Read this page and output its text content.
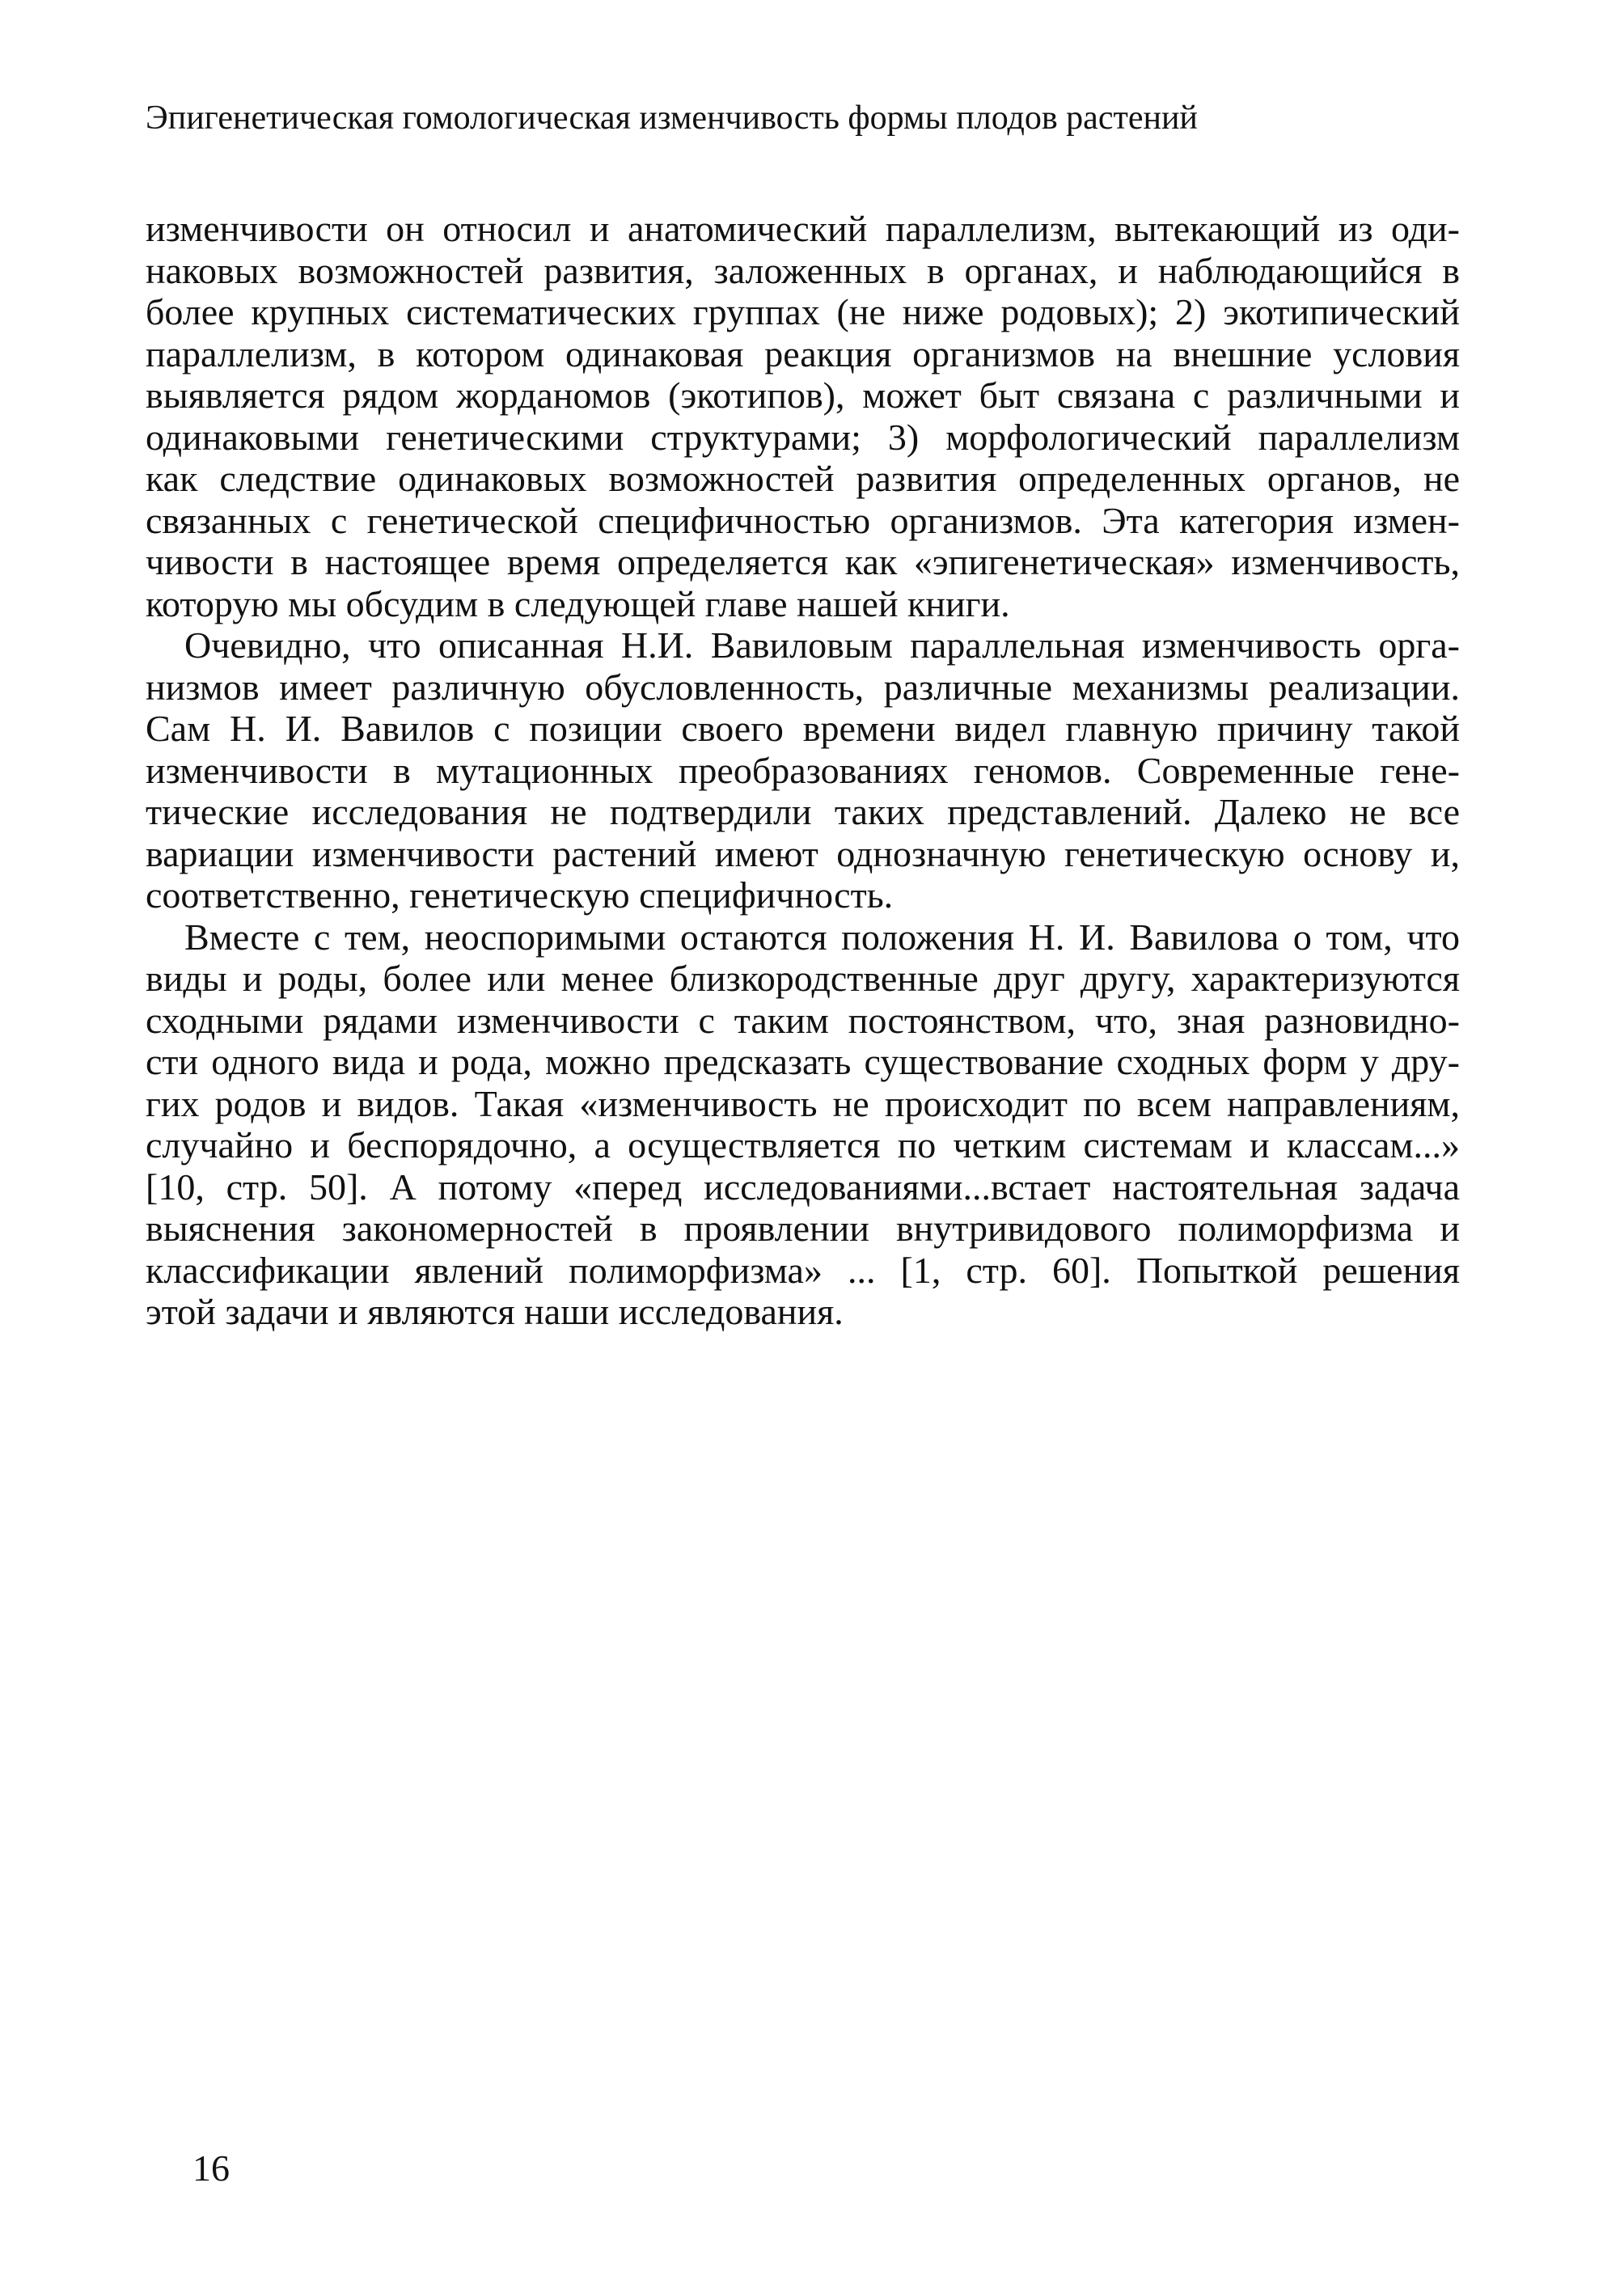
Эпигенетическая гомологическая изменчивость формы плодов растений
изменчивости он относил и анатомический параллелизм, вытекающий из оди-
наковых возможностей развития, заложенных в органах, и наблюдающийся в
более крупных систематических группах (не ниже родовых); 2) экотипический
параллелизм, в котором одинаковая реакция организмов на внешние условия
выявляется рядом жорданомов (экотипов), может быт связана с различными и
одинаковыми генетическими структурами; 3) морфологический параллелизм
как следствие одинаковых возможностей развития определенных органов, не
связанных с генетической специфичностью организмов. Эта категория измен-
чивости в настоящее время определяется как «эпигенетическая» изменчивость,
которую мы обсудим в следующей главе нашей книги.
Очевидно, что описанная Н.И. Вавиловым параллельная изменчивость орга-
низмов имеет различную обусловленность, различные механизмы реализации.
Сам Н. И. Вавилов с позиции своего времени видел главную причину такой
изменчивости в мутационных преобразованиях геномов. Современные гене-
тические исследования не подтвердили таких представлений. Далеко не все
вариации изменчивости растений имеют однозначную генетическую основу и,
соответственно, генетическую специфичность.
Вместе с тем, неоспоримыми остаются положения Н. И. Вавилова о том, что
виды и роды, более или менее близкородственные друг другу, характеризуются
сходными рядами изменчивости с таким постоянством, что, зная разновидно-
сти одного вида и рода, можно предсказать существование сходных форм у дру-
гих родов и видов. Такая «изменчивость не происходит по всем направлениям,
случайно и беспорядочно, а осуществляется по четким системам и классам...»
[10, стр. 50]. А потому «перед исследованиями...встает настоятельная задача
выяснения закономерностей в проявлении внутривидового полиморфизма и
классификации явлений полиморфизма» ... [1, стр. 60]. Попыткой решения
этой задачи и являются наши исследования.
16
